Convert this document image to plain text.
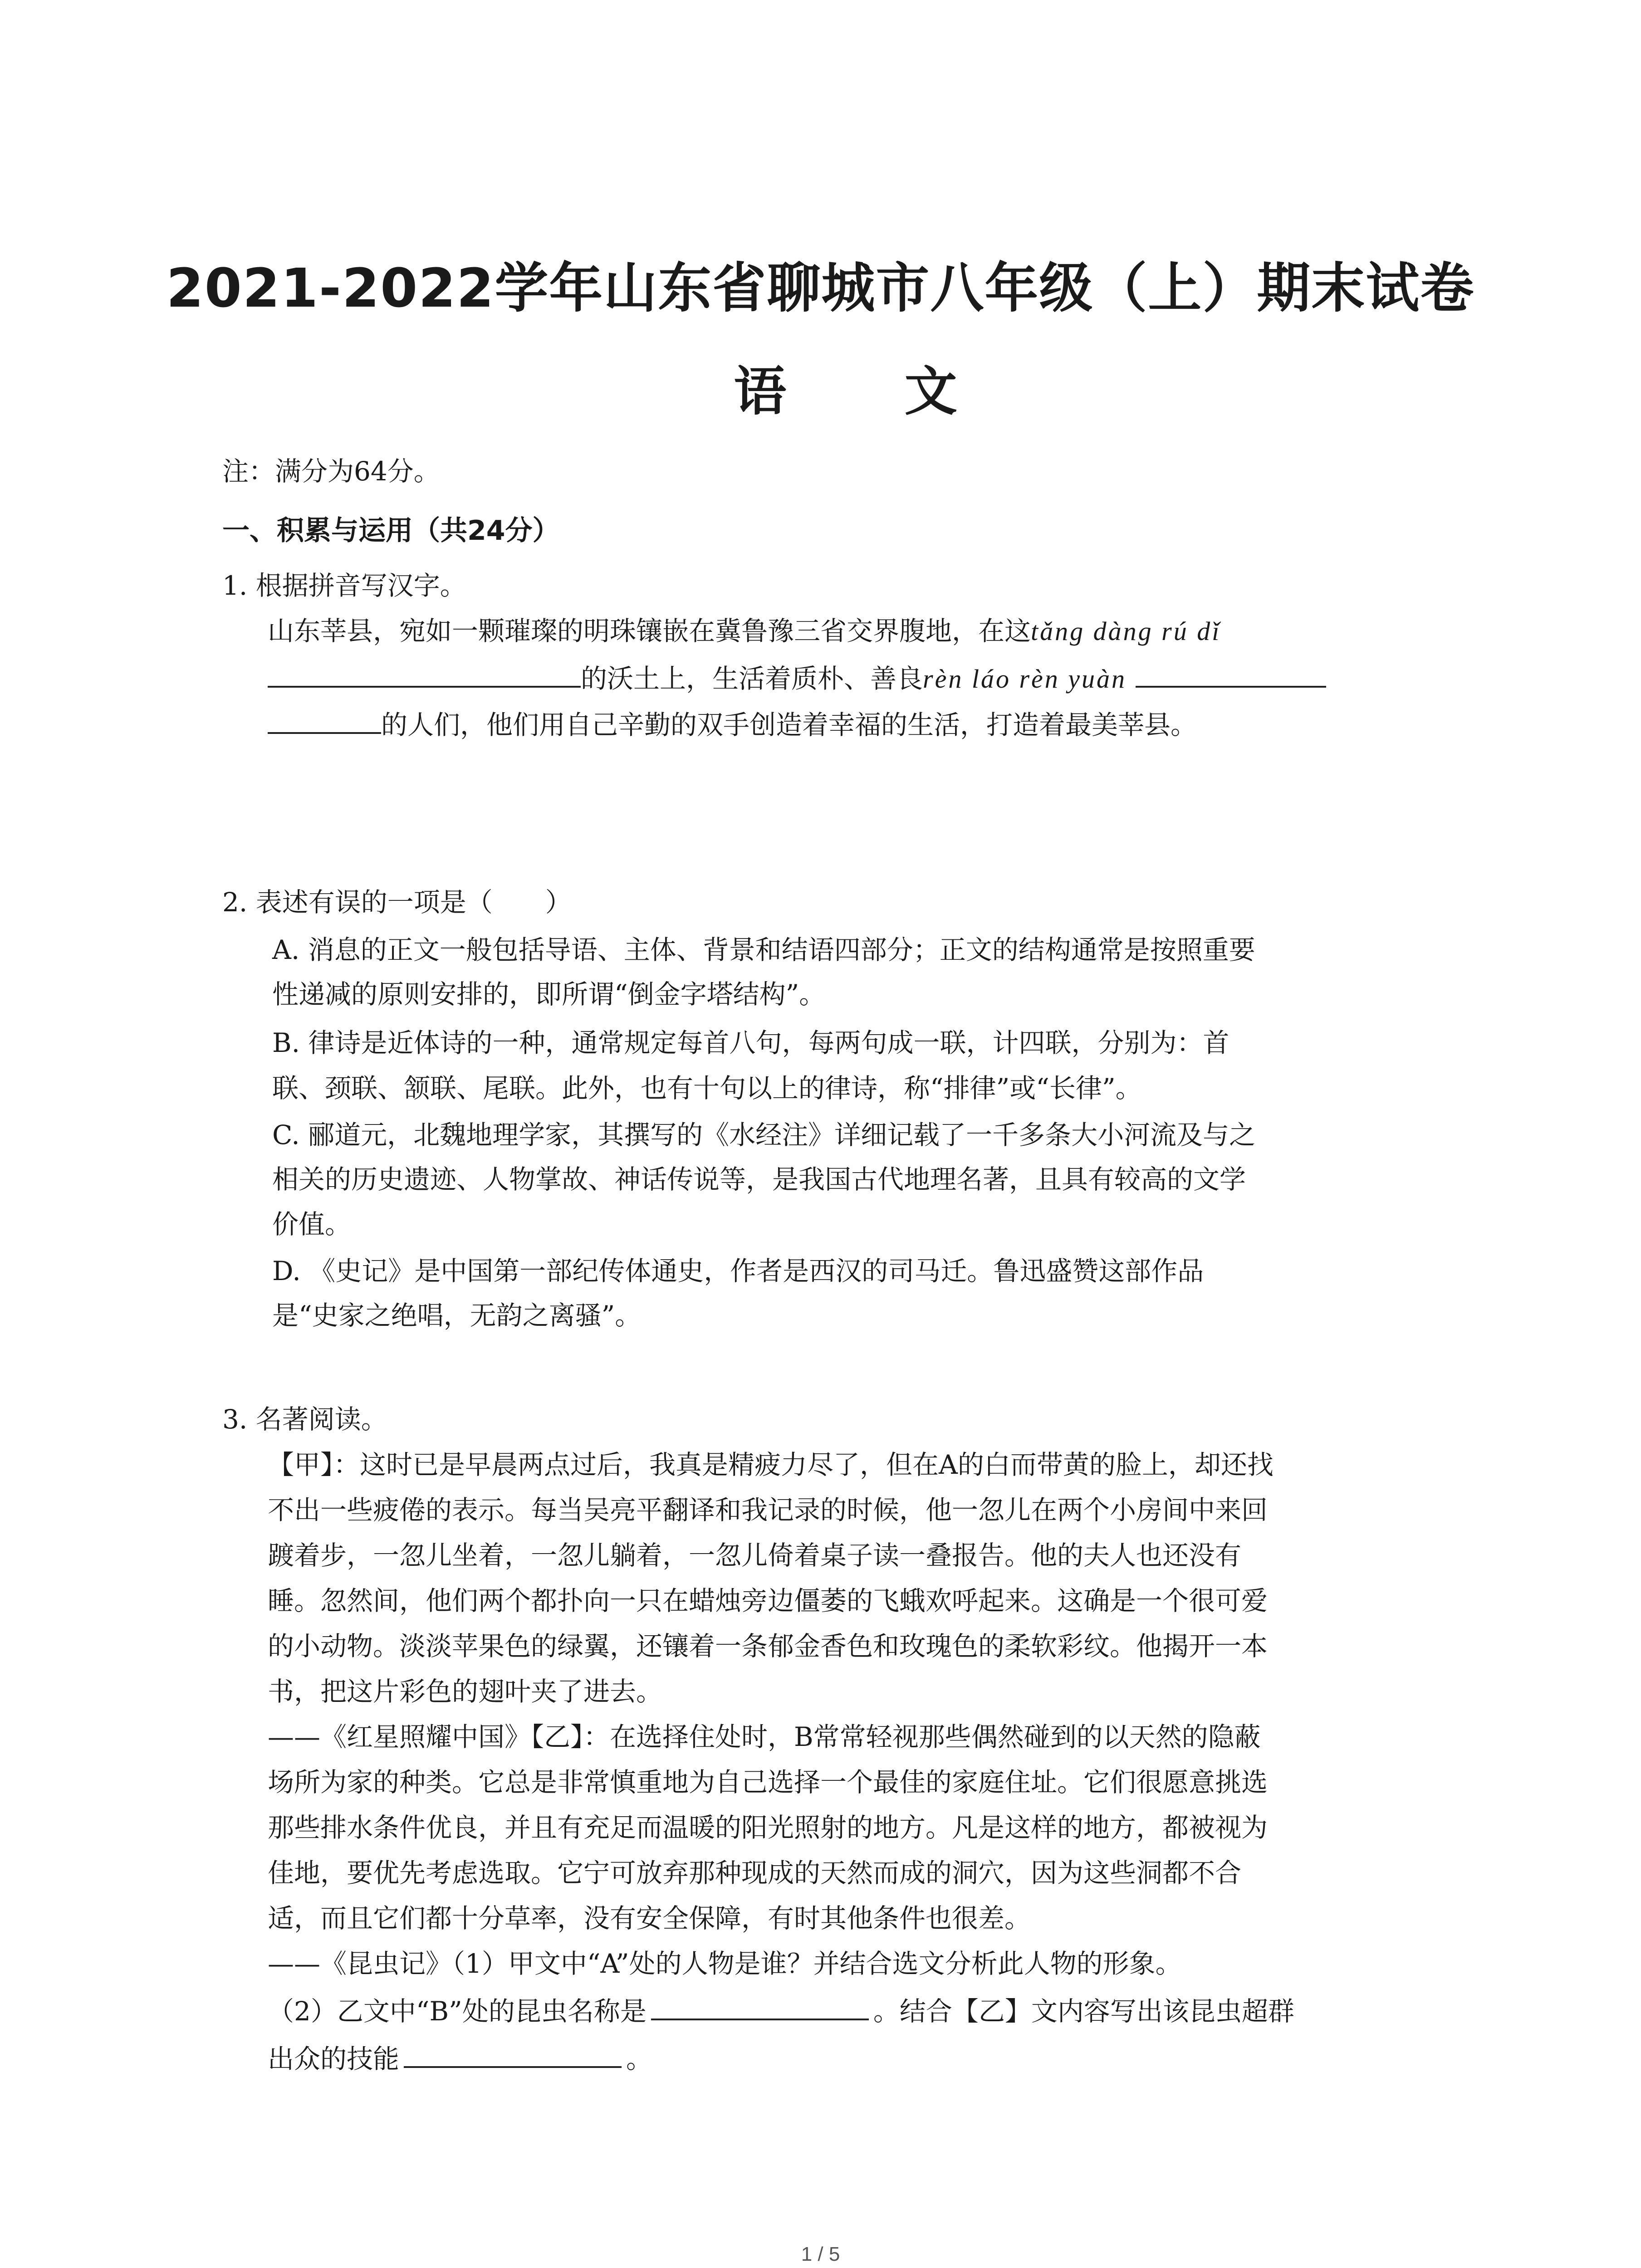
2021-2022学年山东省聊城市八年级（上）期末试卷
语 文
注：满分为64分。
一、积累与运用（共24分）
1. 根据拼音写汉字。
山东莘县，宛如一颗璀璨的明珠镶嵌在冀鲁豫三省交界腹地，在这tǎng dàng rú dǐ
的沃土上，生活着质朴、善良rèn láo rèn yuàn
的人们，他们用自己辛勤的双手创造着幸福的生活，打造着最美莘县。
2. 表述有误的一项是（　　）
A. 消息的正文一般包括导语、主体、背景和结语四部分；正文的结构通常是按照重要
性递减的原则安排的，即所谓“倒金字塔结构”。
B. 律诗是近体诗的一种，通常规定每首八句，每两句成一联，计四联，分别为：首
联、颈联、颔联、尾联。此外，也有十句以上的律诗，称“排律”或“长律”。
C. 郦道元，北魏地理学家，其撰写的《水经注》详细记载了一千多条大小河流及与之
相关的历史遗迹、人物掌故、神话传说等，是我国古代地理名著，且具有较高的文学
价值。
D. 《史记》是中国第一部纪传体通史，作者是西汉的司马迁。鲁迅盛赞这部作品
是“史家之绝唱，无韵之离骚”。
3. 名著阅读。
【甲】：这时已是早晨两点过后，我真是精疲力尽了，但在A的白而带黄的脸上，却还找
不出一些疲倦的表示。每当吴亮平翻译和我记录的时候，他一忽儿在两个小房间中来回
踱着步，一忽儿坐着，一忽儿躺着，一忽儿倚着桌子读一叠报告。他的夫人也还没有
睡。忽然间，他们两个都扑向一只在蜡烛旁边僵萎的飞蛾欢呼起来。这确是一个很可爱
的小动物。淡淡苹果色的绿翼，还镶着一条郁金香色和玫瑰色的柔软彩纹。他揭开一本
书，把这片彩色的翅叶夹了进去。
——《红星照耀中国》【乙】：在选择住处时，B常常轻视那些偶然碰到的以天然的隐蔽
场所为家的种类。它总是非常慎重地为自己选择一个最佳的家庭住址。它们很愿意挑选
那些排水条件优良，并且有充足而温暖的阳光照射的地方。凡是这样的地方，都被视为
佳地，要优先考虑选取。它宁可放弃那种现成的天然而成的洞穴，因为这些洞都不合
适，而且它们都十分草率，没有安全保障，有时其他条件也很差。
——《昆虫记》（1）甲文中“A”处的人物是谁？并结合选文分析此人物的形象。
（2）乙文中“B”处的昆虫名称是	。结合【乙】文内容写出该昆虫超群
出众的技能	。
1 / 5
